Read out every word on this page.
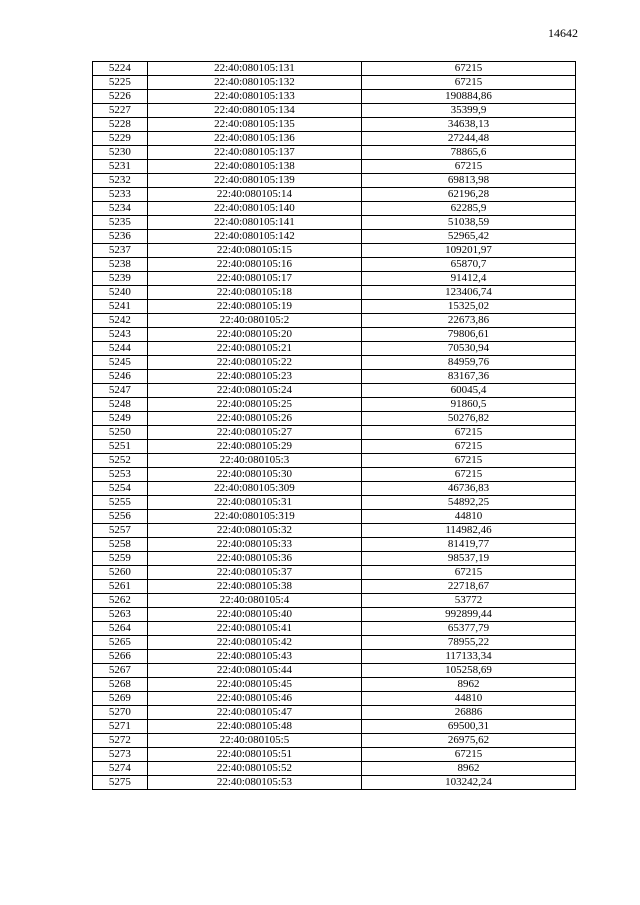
14642
5224	22:40:080105:131	67215
5225	22:40:080105:132	67215
5226	22:40:080105:133	190884,86
5227	22:40:080105:134	35399,9
5228	22:40:080105:135	34638,13
5229	22:40:080105:136	27244,48
5230	22:40:080105:137	78865,6
5231	22:40:080105:138	67215
5232	22:40:080105:139	69813,98
5233	22:40:080105:14	62196,28
5234	22:40:080105:140	62285,9
5235	22:40:080105:141	51038,59
5236	22:40:080105:142	52965,42
5237	22:40:080105:15	109201,97
5238	22:40:080105:16	65870,7
5239	22:40:080105:17	91412,4
5240	22:40:080105:18	123406,74
5241	22:40:080105:19	15325,02
5242	22:40:080105:2	22673,86
5243	22:40:080105:20	79806,61
5244	22:40:080105:21	70530,94
5245	22:40:080105:22	84959,76
5246	22:40:080105:23	83167,36
5247	22:40:080105:24	60045,4
5248	22:40:080105:25	91860,5
5249	22:40:080105:26	50276,82
5250	22:40:080105:27	67215
5251	22:40:080105:29	67215
5252	22:40:080105:3	67215
5253	22:40:080105:30	67215
5254	22:40:080105:309	46736,83
5255	22:40:080105:31	54892,25
5256	22:40:080105:319	44810
5257	22:40:080105:32	114982,46
5258	22:40:080105:33	81419,77
5259	22:40:080105:36	98537,19
5260	22:40:080105:37	67215
5261	22:40:080105:38	22718,67
5262	22:40:080105:4	53772
5263	22:40:080105:40	992899,44
5264	22:40:080105:41	65377,79
5265	22:40:080105:42	78955,22
5266	22:40:080105:43	117133,34
5267	22:40:080105:44	105258,69
5268	22:40:080105:45	8962
5269	22:40:080105:46	44810
5270	22:40:080105:47	26886
5271	22:40:080105:48	69500,31
5272	22:40:080105:5	26975,62
5273	22:40:080105:51	67215
5274	22:40:080105:52	8962
5275	22:40:080105:53	103242,24
